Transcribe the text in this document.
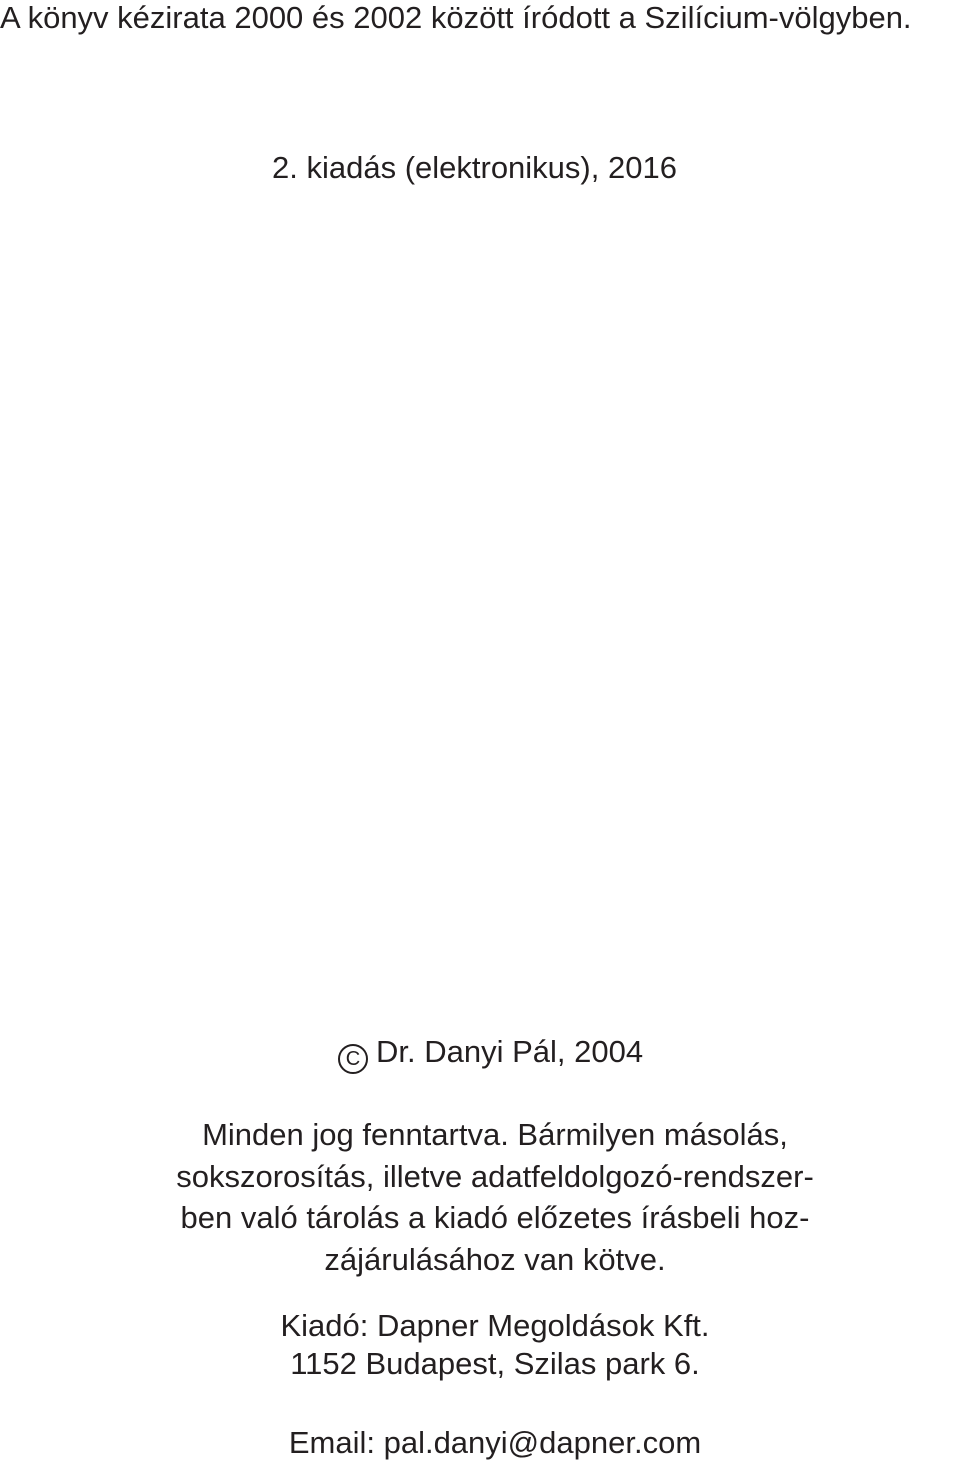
A könyv kézirata 2000 és 2002 között íródott a Szilícium-völgyben.
2. kiadás (elektronikus), 2016
C Dr. Danyi Pál, 2004
Minden jog fenntartva. Bármilyen másolás,
sokszorosítás, illetve adatfeldolgozó-rendszer-
ben való tárolás a kiadó előzetes írásbeli hoz-
zájárulásához van kötve.
Kiadó: Dapner Megoldások Kft.
1152 Budapest, Szilas park 6.
Email: pal.danyi@dapner.com
